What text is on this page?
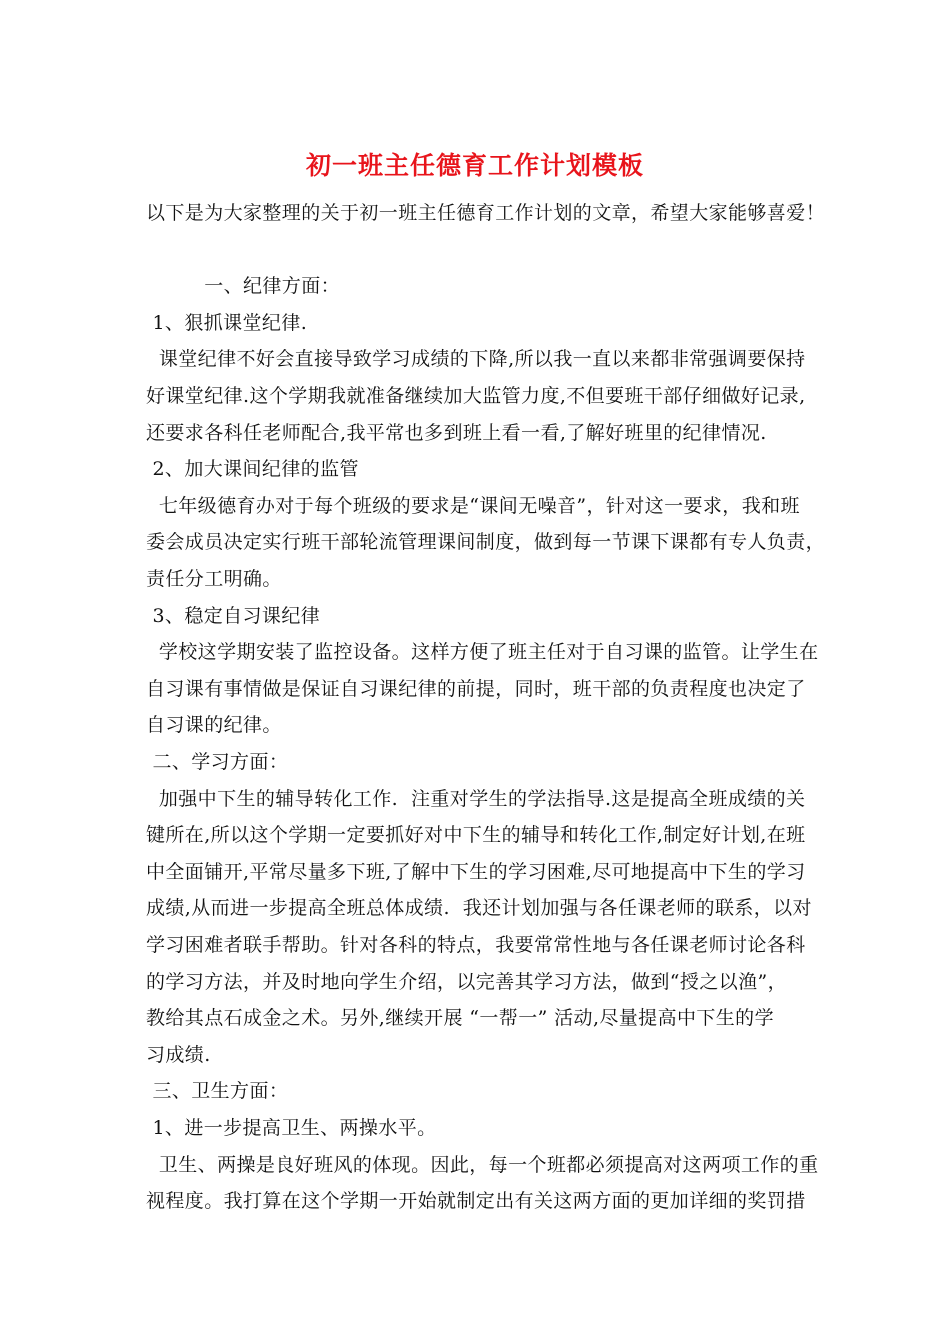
初一班主任德育工作计划模板
以下是为大家整理的关于初一班主任德育工作计划的文章，希望大家能够喜爱！
　　　一、纪律方面：
1、狠抓课堂纪律.
课堂纪律不好会直接导致学习成绩的下降,所以我一直以来都非常强调要保持
好课堂纪律.这个学期我就准备继续加大监管力度,不但要班干部仔细做好记录,
还要求各科任老师配合,我平常也多到班上看一看,了解好班里的纪律情况.
2、加大课间纪律的监管
七年级德育办对于每个班级的要求是“课间无噪音”，针对这一要求，我和班
委会成员决定实行班干部轮流管理课间制度，做到每一节课下课都有专人负责，
责任分工明确。
3、稳定自习课纪律
学校这学期安装了监控设备。这样方便了班主任对于自习课的监管。让学生在
自习课有事情做是保证自习课纪律的前提，同时，班干部的负责程度也决定了
自习课的纪律。
二、学习方面：
加强中下生的辅导转化工作.  注重对学生的学法指导.这是提高全班成绩的关
键所在,所以这个学期一定要抓好对中下生的辅导和转化工作,制定好计划,在班
中全面铺开,平常尽量多下班,了解中下生的学习困难,尽可地提高中下生的学习
成绩,从而进一步提高全班总体成绩.  我还计划加强与各任课老师的联系，以对
学习困难者联手帮助。针对各科的特点，我要常常性地与各任课老师讨论各科
的学习方法，并及时地向学生介绍，以完善其学习方法，做到“授之以渔”，
教给其点石成金之术。另外,继续开展 “一帮一” 活动,尽量提高中下生的学
习成绩.
三、卫生方面：
1、进一步提高卫生、两操水平。
卫生、两操是良好班风的体现。因此，每一个班都必须提高对这两项工作的重
视程度。我打算在这个学期一开始就制定出有关这两方面的更加详细的奖罚措
